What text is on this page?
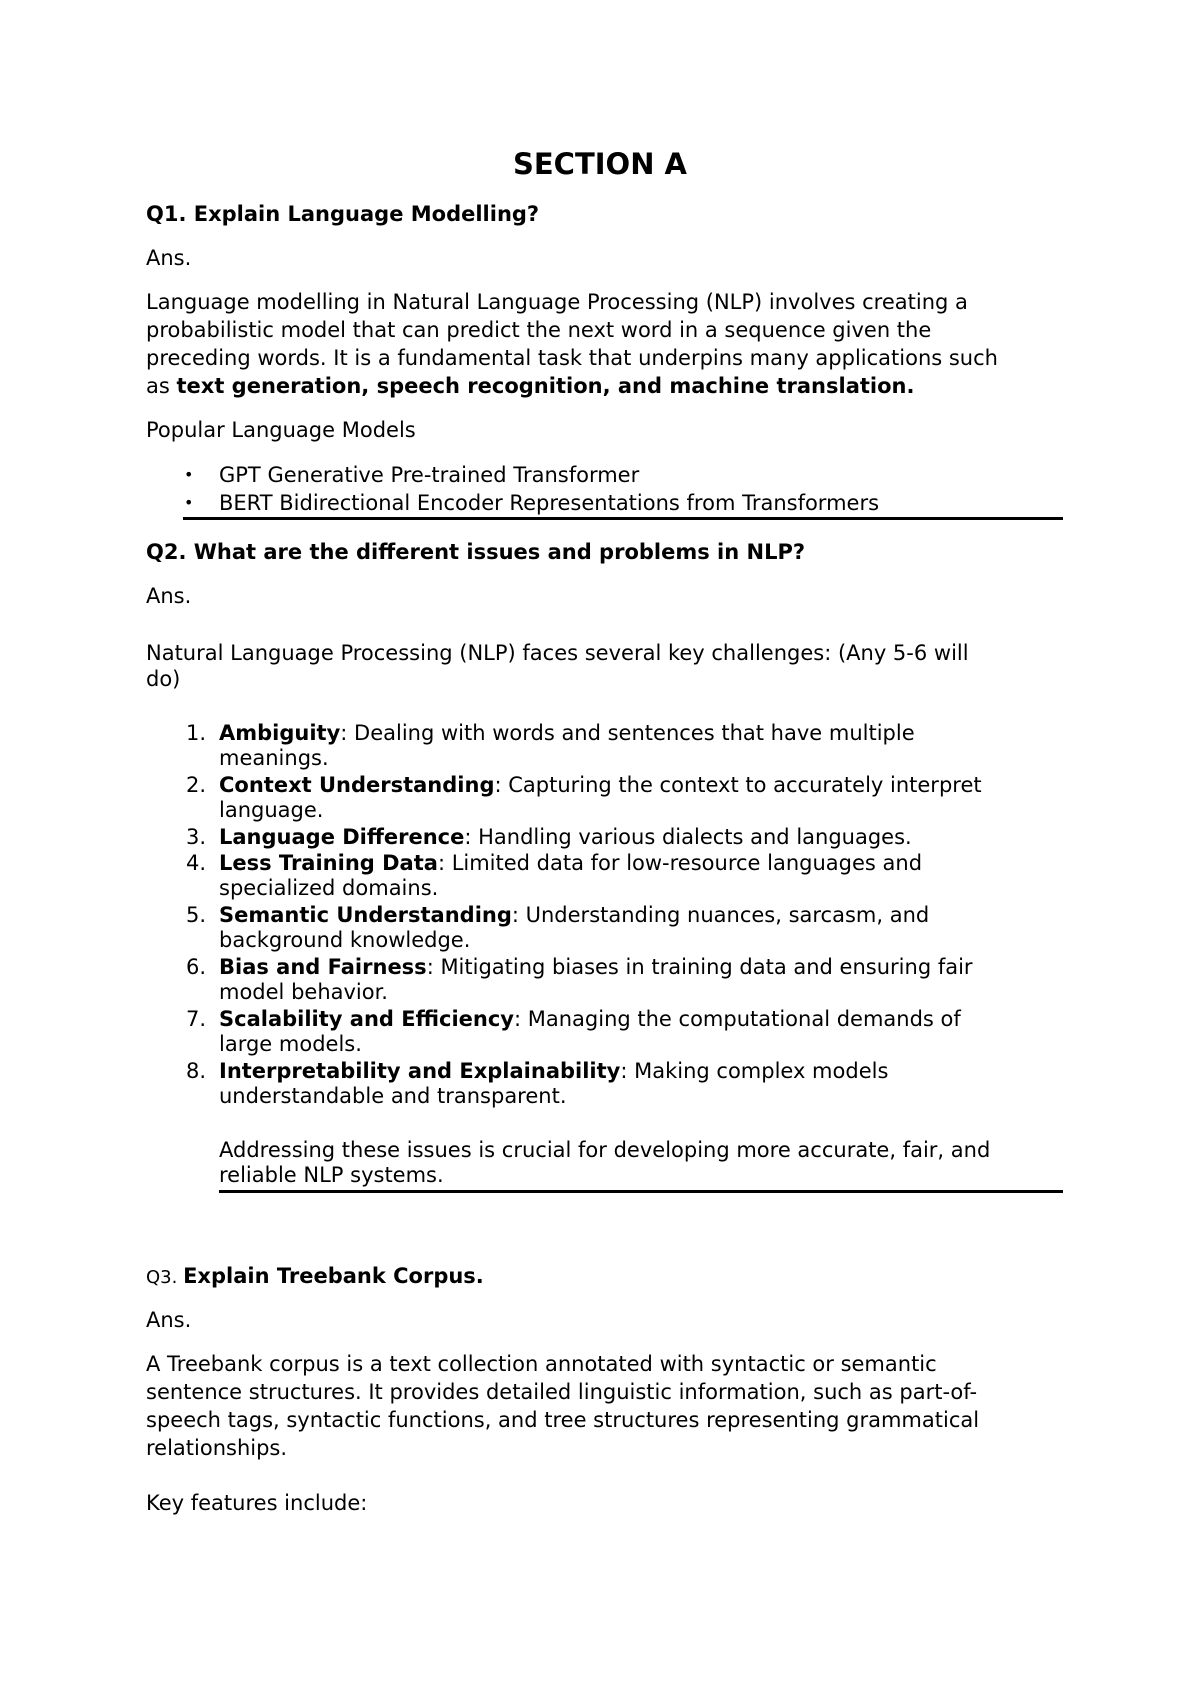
SECTION A
Q1. Explain Language Modelling?
Ans.
Language modelling in Natural Language Processing (NLP) involves creating a
probabilistic model that can predict the next word in a sequence given the
preceding words. It is a fundamental task that underpins many applications such
as text generation, speech recognition, and machine translation.
Popular Language Models
• GPT Generative Pre-trained Transformer
• BERT Bidirectional Encoder Representations from Transformers
Q2. What are the different issues and problems in NLP?
Ans.
Natural Language Processing (NLP) faces several key challenges: (Any 5-6 will
do)
1. Ambiguity: Dealing with words and sentences that have multiple
meanings.
2. Context Understanding: Capturing the context to accurately interpret
language.
3. Language Difference: Handling various dialects and languages.
4. Less Training Data: Limited data for low-resource languages and
specialized domains.
5. Semantic Understanding: Understanding nuances, sarcasm, and
background knowledge.
6. Bias and Fairness: Mitigating biases in training data and ensuring fair
model behavior.
7. Scalability and Efficiency: Managing the computational demands of
large models.
8. Interpretability and Explainability: Making complex models
understandable and transparent.
Addressing these issues is crucial for developing more accurate, fair, and
reliable NLP systems.
Q3. Explain Treebank Corpus.
Ans.
A Treebank corpus is a text collection annotated with syntactic or semantic
sentence structures. It provides detailed linguistic information, such as part-of-
speech tags, syntactic functions, and tree structures representing grammatical
relationships.
Key features include:
